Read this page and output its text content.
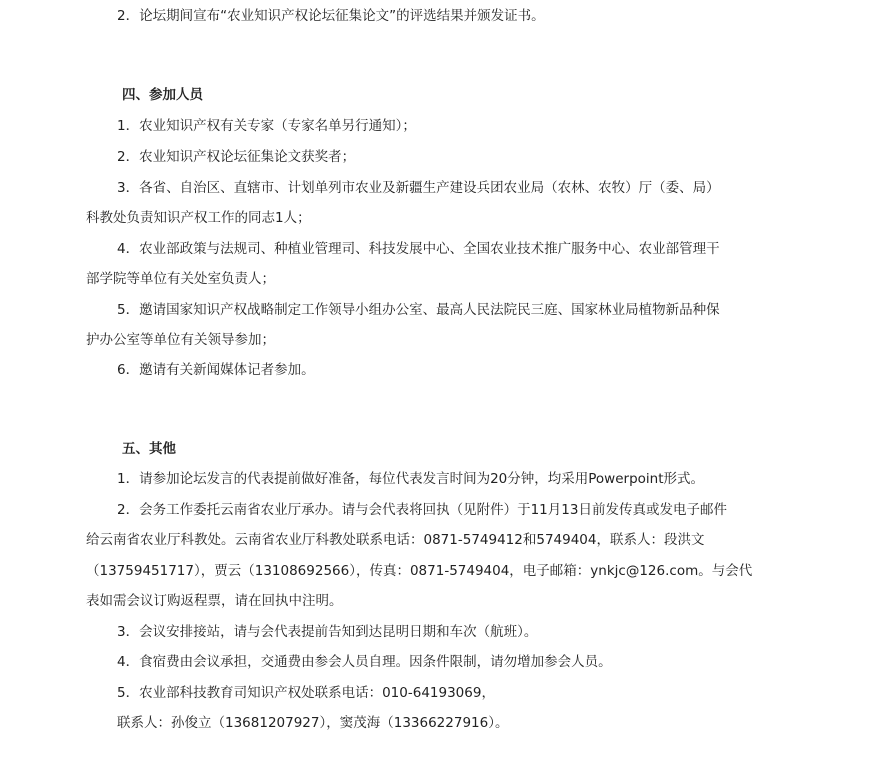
2．论坛期间宣布“农业知识产权论坛征集论文”的评选结果并颁发证书。
四、参加人员
1．农业知识产权有关专家（专家名单另行通知）；
2．农业知识产权论坛征集论文获奖者；
3．各省、自治区、直辖市、计划单列市农业及新疆生产建设兵团农业局（农林、农牧）厅（委、局）
科教处负责知识产权工作的同志1人；
4．农业部政策与法规司、种植业管理司、科技发展中心、全国农业技术推广服务中心、农业部管理干
部学院等单位有关处室负责人；
5．邀请国家知识产权战略制定工作领导小组办公室、最高人民法院民三庭、国家林业局植物新品种保
护办公室等单位有关领导参加；
6．邀请有关新闻媒体记者参加。
五、其他
1．请参加论坛发言的代表提前做好准备，每位代表发言时间为20分钟，均采用Powerpoint形式。
2．会务工作委托云南省农业厅承办。请与会代表将回执（见附件）于11月13日前发传真或发电子邮件
给云南省农业厅科教处。云南省农业厅科教处联系电话：0871-5749412和5749404，联系人：段洪文
（13759451717），贾云（13108692566），传真：0871-5749404，电子邮箱：ynkjc@126.com。与会代
表如需会议订购返程票，请在回执中注明。
3．会议安排接站，请与会代表提前告知到达昆明日期和车次（航班）。
4．食宿费由会议承担，交通费由参会人员自理。因条件限制，请勿增加参会人员。
5．农业部科技教育司知识产权处联系电话：010-64193069，
联系人：孙俊立（13681207927），窦茂海（13366227916）。
